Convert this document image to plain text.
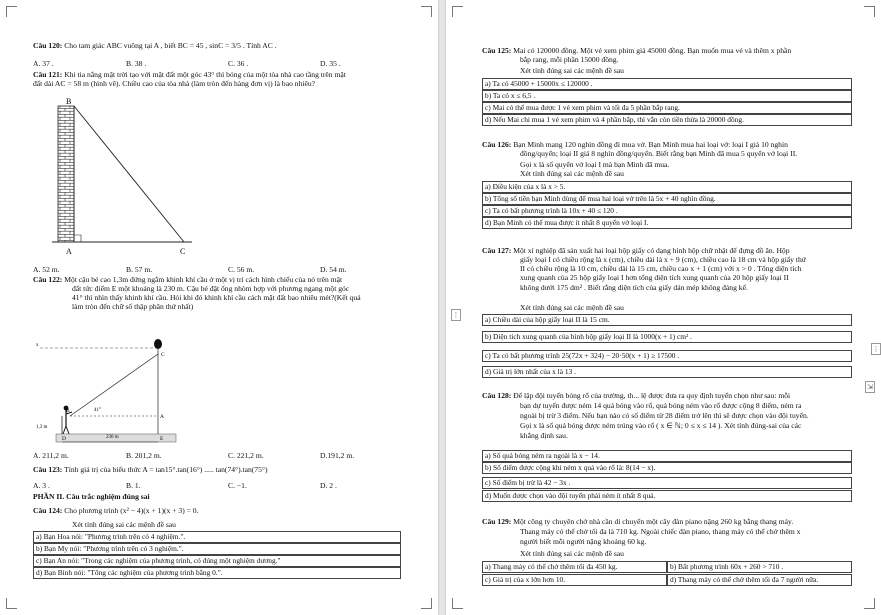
Câu 120: Cho tam giác ABC vuông tại A , biết BC = 45 , sinC = 3/5 . Tính AC .
A. 37 .	B. 38 .	C. 36 .	D. 35 .
Câu 121: Khi tia nắng mặt trời tạo với mặt đất một góc 43° thì bóng của một tòa nhà cao tầng trên mặt
đất dài AC = 58 m (hình vẽ). Chiều cao của tòa nhà (làm tròn đến hàng đơn vị) là bao nhiêu?
B
A	C
A. 52 m.	B. 57 m.	C. 56 m.	D. 54 m.
Câu 122: Một cậu bé cao 1,3m đứng ngắm khinh khí cầu ở một vị trí cách hình chiếu của nó trên mặt
đất tức điểm E một khoảng là 230 m. Cậu bé đặt ống nhòm hợp với phương ngang một góc
41° thì nhìn thấy khinh khí cầu. Hỏi khi đó khinh khí cầu cách mặt đất bao nhiêu mét?(Kết quả
làm tròn đến chữ số thập phân thứ nhất)
x
C
B	41°
A
1,3 m
D	E
230 m
A. 211,2 m.	B. 201,2 m.	C. 221,2 m.	D.191,2 m.
Câu 123: Tính giá trị của biểu thức A = tan15°.tan(16°) ..... tan(74°).tan(75°)
A. 3 .	B. 1.	C. −1.	D. 2 .
PHẦN II. Câu trắc nghiệm đúng sai
Câu 124: Cho phương trình (x² − 4)(x + 1)(x + 3) = 0.
Xét tính đúng sai các mệnh đề sau
a) Bạn Hoa nói: "Phương trình trên có 4 nghiệm.".
b) Bạn My nói: "Phương trình trên có 3 nghiệm.".
c) Bạn An nói: "Trong các nghiệm của phương trình, có đúng một nghiệm dương."
d) Bạn Bình nói: "Tổng các nghiệm của phương trình bằng 0.".
Câu 125: Mai có 120000 đồng. Một vé xem phim giá 45000 đồng. Bạn muốn mua vé và thêm x phần
bắp rang, mỗi phần 15000 đồng.
Xét tính đúng sai các mệnh đề sau
a) Ta có 45000 + 15000x ≤ 120000 .
b) Ta có x ≤ 6,5 .
c) Mai có thể mua được 1 vé xem phim và tối đa 5 phần bắp rang.
d) Nếu Mai chỉ mua 1 vé xem phim và 4 phần bắp, thì vẫn còn tiền thừa là 20000 đồng.
Câu 126: Bạn Minh mang 120 nghìn đồng đi mua vở. Bạn Minh mua hai loại vở: loại I giá 10 nghìn
đồng/quyển; loại II giá 8 nghìn đồng/quyển. Biết rằng bạn Minh đã mua 5 quyển vở loại II.
Gọi x là số quyển vở loại I mà bạn Minh đã mua.
Xét tính đúng sai các mệnh đề sau
a) Điều kiện của x là x > 5.
b) Tổng số tiền bạn Minh dùng để mua hai loại vở trên là 5x + 40 nghìn đồng.
c) Ta có bất phương trình là 10x + 40 ≤ 120 .
d) Bạn Minh có thể mua được ít nhất 8 quyển vở loại I.
Câu 127: Một xí nghiệp đã sản xuất hai loại hộp giấy có dạng hình hộp chữ nhật để đựng đồ ăn. Hộp
giấy loại I có chiều rộng là x (cm), chiều dài là x + 9 (cm), chiều cao là 18 cm và hộp giấy thứ
II có chiều rộng là 10 cm, chiều dài là 15 cm, chiều cao x + 1 (cm) với x > 0 . Tổng diện tích
xung quanh của 25 hộp giấy loại I hơn tổng diện tích xung quanh của 20 hộp giấy loại II
không dưới 175 dm² . Biết rằng diện tích của giấy dán mép không đáng kể.
Xét tính đúng sai các mệnh đề sau
a) Chiều dài của hộp giấy loại II là 15 cm.
b) Diện tích xung quanh của hình hộp giấy loại II là 1000(x + 1) cm² .
c) Ta có bất phương trình 25(72x + 324) − 20·50(x + 1) ≥ 17500 .
d) Giá trị lớn nhất của x là 13 .
Câu 128: Để lập đội tuyển bóng rổ của trường, th... lệ được đưa ra quy định tuyển chọn như sau: mỗi
bạn dự tuyển được ném 14 quả bóng vào rổ, quả bóng ném vào rổ được cộng 8 điểm, ném ra
ngoài bị trừ 3 điểm. Nếu bạn nào có số điểm từ 28 điểm trở lên thì sẽ được chọn vào đội tuyển.
Gọi x là số quả bóng được ném trúng vào rổ ( x ∈ ℕ; 0 ≤ x ≤ 14 ). Xét tính đúng-sai của các
khẳng định sau.
a) Số quả bóng ném ra ngoài là x − 14.
b) Số điểm được cộng khi ném x quả vào rổ là: 8(14 − x).
c) Số điểm bị trừ là 42 − 3x .
d) Muốn được chọn vào đội tuyển phải ném ít nhất 8 quả.
Câu 129: Một công ty chuyên chở nhà cần di chuyển một cây đàn piano nặng 260 kg bằng thang máy.
Thang máy có thể chở tối đa là 710 kg. Ngoài chiếc đàn piano, thang máy có thể chở thêm x
người biết mỗi người nặng khoảng 60 kg.
Xét tính đúng sai các mệnh đề sau
a) Thang máy có thể chở thêm tối đa 450 kg.	b) Bất phương trình 60x + 260 > 710 .
c) Giá trị của x lớn hơn 10.	d) Thang máy có thể chở thêm tối đa 7 người nữa.
⋮
⇲
⋮
